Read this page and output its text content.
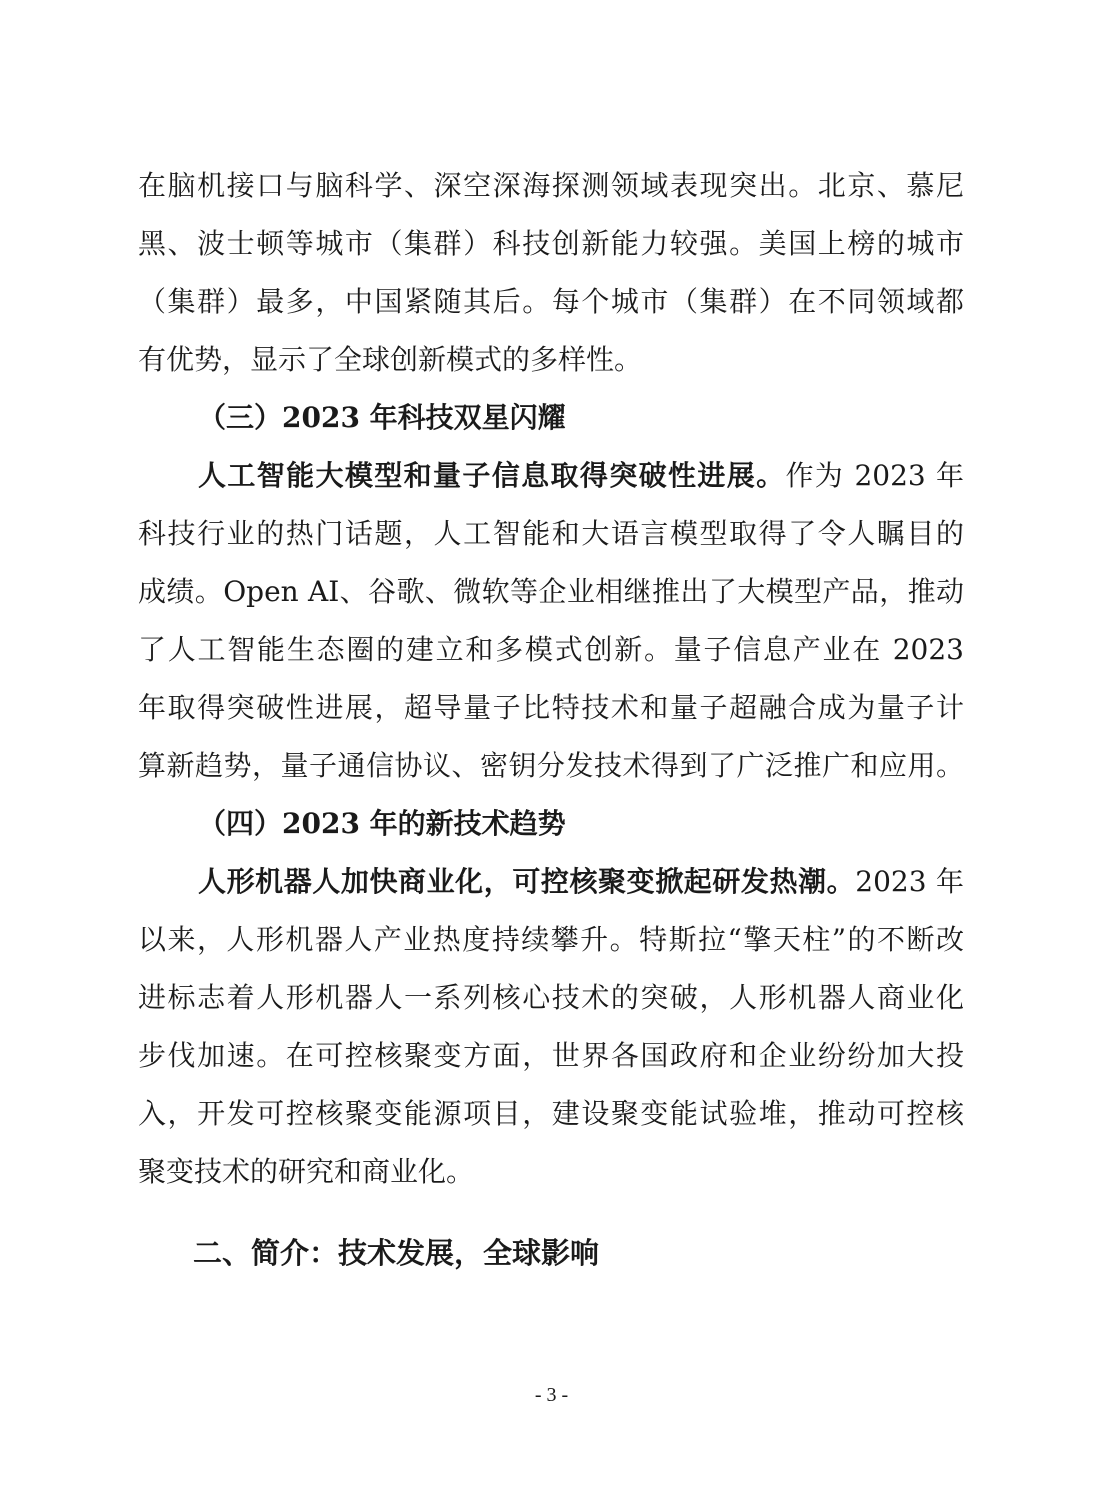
在脑机接口与脑科学、深空深海探测领域表现突出。北京、慕尼
黑、波士顿等城市（集群）科技创新能力较强。美国上榜的城市
（集群）最多，中国紧随其后。每个城市（集群）在不同领域都
有优势，显示了全球创新模式的多样性。
（三）2023 年科技双星闪耀
人工智能大模型和量子信息取得突破性进展。作为 2023 年
科技行业的热门话题，人工智能和大语言模型取得了令人瞩目的
成绩。Open AI、谷歌、微软等企业相继推出了大模型产品，推动
了人工智能生态圈的建立和多模式创新。量子信息产业在 2023
年取得突破性进展，超导量子比特技术和量子超融合成为量子计
算新趋势，量子通信协议、密钥分发技术得到了广泛推广和应用。
（四）2023 年的新技术趋势
人形机器人加快商业化，可控核聚变掀起研发热潮。2023 年
以来，人形机器人产业热度持续攀升。特斯拉“擎天柱”的不断改
进标志着人形机器人一系列核心技术的突破，人形机器人商业化
步伐加速。在可控核聚变方面，世界各国政府和企业纷纷加大投
入，开发可控核聚变能源项目，建设聚变能试验堆，推动可控核
聚变技术的研究和商业化。
二、简介：技术发展，全球影响
- 3 -
